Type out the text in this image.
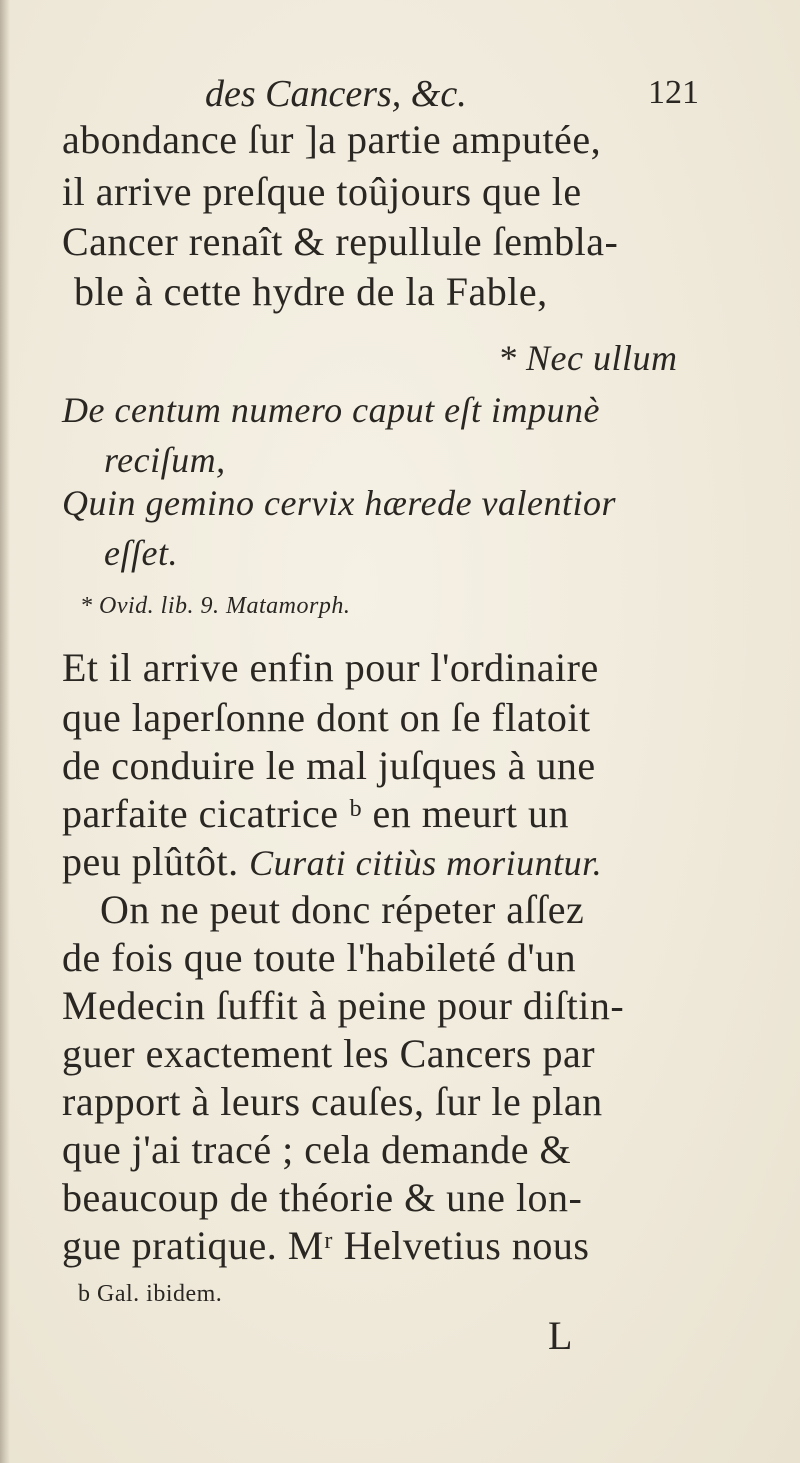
des Cancers, &c.	121
abondance ſur ]a partie amputée,
il arrive preſque toûjours que le
Cancer renaît & repullule ſembla-
ble à cette hydre de la Fable,
* Nec ullum
De centum numero caput eſt impunè
reciſum,
Quin gemino cervix hærede valentior
eſſet.
* Ovid. lib. 9. Matamorph.
Et il arrive enfin pour l'ordinaire
que laperſonne dont on ſe flatoit
de conduire le mal juſques à une
parfaite cicatrice ᵇ en meurt un
peu plûtôt. Curati citiùs moriuntur.
On ne peut donc répeter aſſez
de fois que toute l'habileté d'un
Medecin ſuffit à peine pour diſtin-
guer exactement les Cancers par
rapport à leurs cauſes, ſur le plan
que j'ai tracé ; cela demande &
beaucoup de théorie & une lon-
gue pratique. Mʳ Helvetius nous
b Gal. ibidem.
L
